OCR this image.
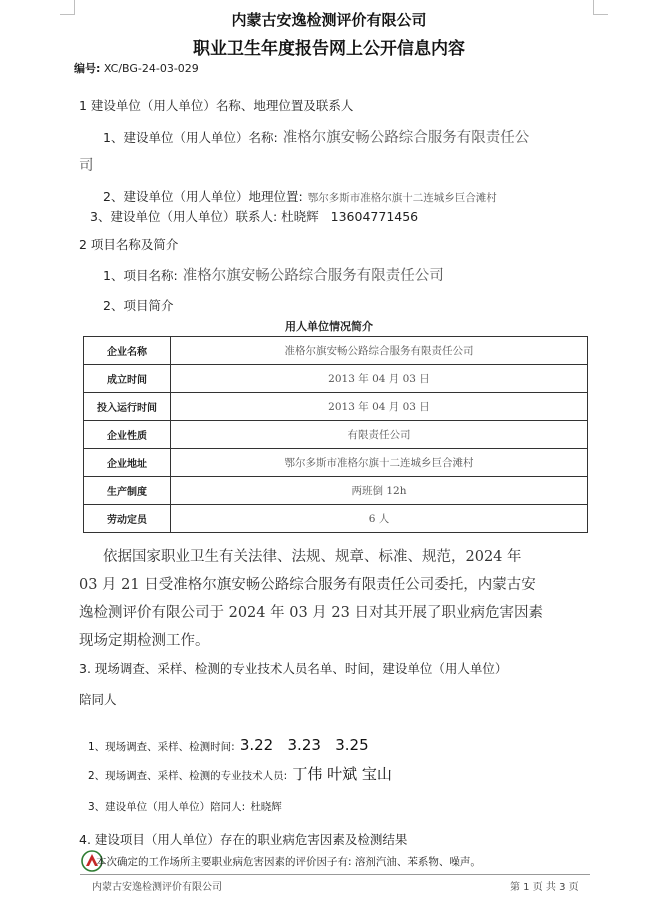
内蒙古安逸检测评价有限公司
职业卫生年度报告网上公开信息内容
编号: XC/BG-24-03-029
1 建设单位（用人单位）名称、地理位置及联系人
1、建设单位（用人单位）名称: 准格尔旗安畅公路综合服务有限责任公
司
2、建设单位（用人单位）地理位置: 鄂尔多斯市准格尔旗十二连城乡巨合滩村
3、建设单位（用人单位）联系人: 杜晓辉 13604771456
2 项目名称及简介
1、项目名称: 准格尔旗安畅公路综合服务有限责任公司
2、项目简介
用人单位情况简介
企业名称	准格尔旗安畅公路综合服务有限责任公司
成立时间	2013 年 04 月 03 日
投入运行时间	2013 年 04 月 03 日
企业性质	有限责任公司
企业地址	鄂尔多斯市准格尔旗十二连城乡巨合滩村
生产制度	两班倒 12h
劳动定员	6 人

依据国家职业卫生有关法律、法规、规章、标准、规范，2024 年

03 月 21 日受准格尔旗安畅公路综合服务有限责任公司委托，内蒙古安

逸检测评价有限公司于 2024 年 03 月 23 日对其开展了职业病危害因素

现场定期检测工作。

3. 现场调查、采样、检测的专业技术人员名单、时间，建设单位（用人单位）
陪同人
1、现场调查、采样、检测时间: 3.22   3.23   3.25
2、现场调查、采样、检测的专业技术人员: 丁伟 叶斌 宝山
3、建设单位（用人单位）陪同人: 杜晓辉
4. 建设项目（用人单位）存在的职业病危害因素及检测结果
本次确定的工作场所主要职业病危害因素的评价因子有: 溶剂汽油、苯系物、噪声。
内蒙古安逸检测评价有限公司	第 1 页 共 3 页
